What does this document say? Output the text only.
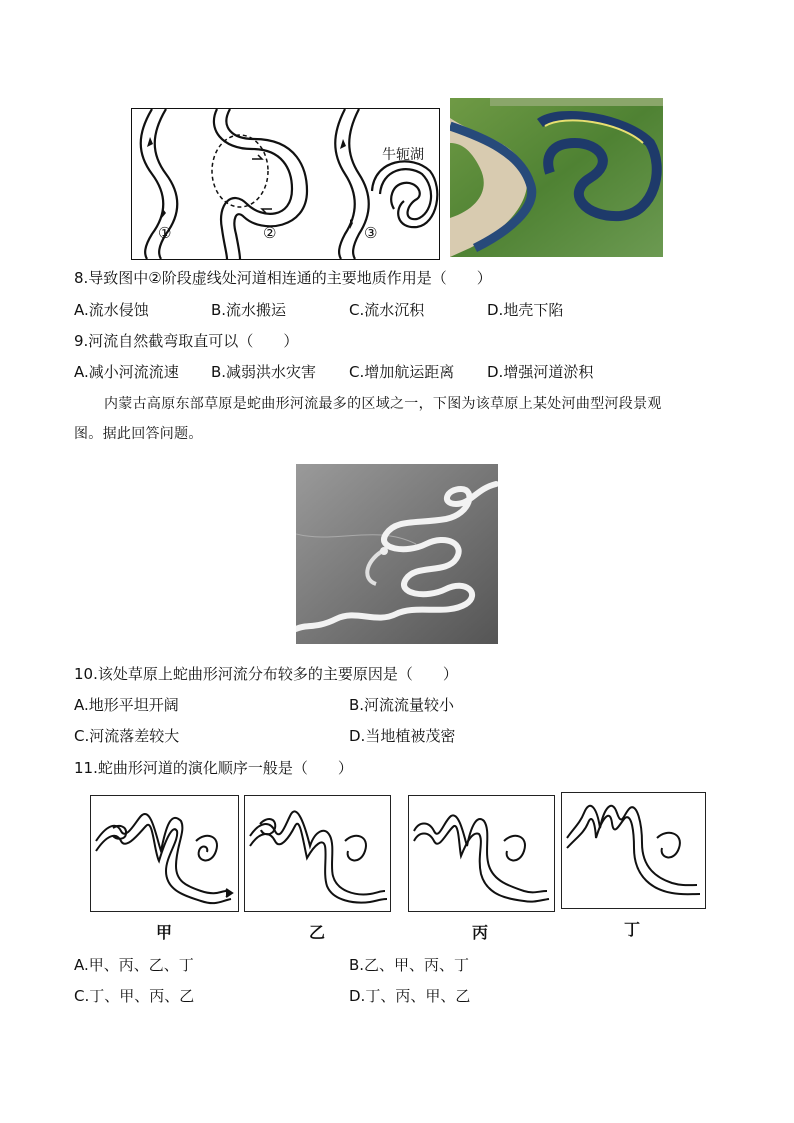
①	②	③
牛轭湖
8.导致图中②阶段虚线处河道相连通的主要地质作用是（　　）
A.流水侵蚀	B.流水搬运	C.流水沉积	D.地壳下陷
9.河流自然截弯取直可以（　　）
A.减小河流流速 B.减弱洪水灾害 C.增加航运距离 D.增强河道淤积
内蒙古高原东部草原是蛇曲形河流最多的区域之一，下图为该草原上某处河曲型河段景观
图。据此回答问题。
10.该处草原上蛇曲形河流分布较多的主要原因是（　　）
A.地形平坦开阔	B.河流流量较小
C.河流落差较大	D.当地植被茂密
11.蛇曲形河道的演化顺序一般是（　　）
甲	乙	丙	丁
A.甲、丙、乙、丁	B.乙、甲、丙、丁
C.丁、甲、丙、乙	D.丁、丙、甲、乙
